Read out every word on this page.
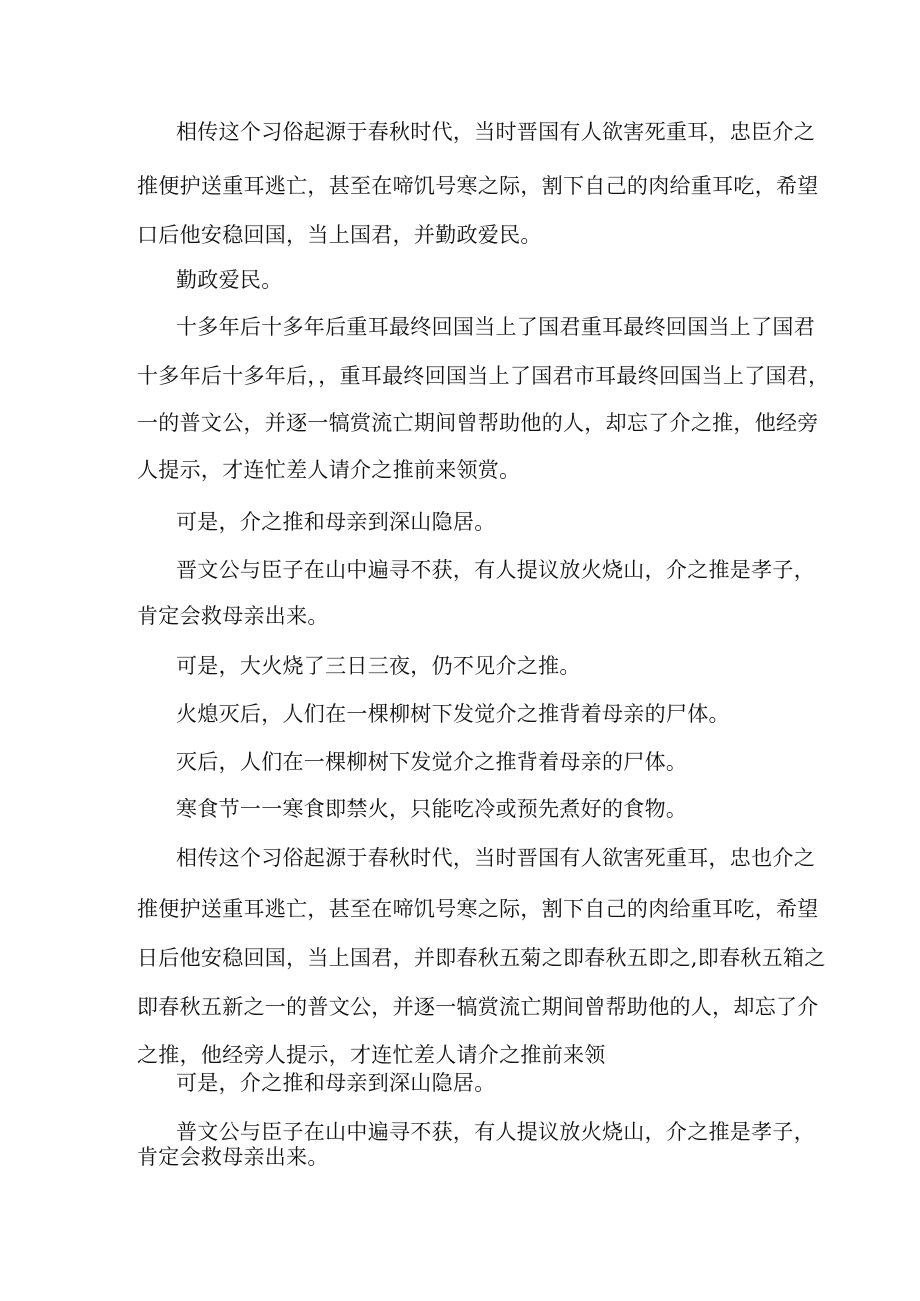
相传这个习俗起源于春秋时代，当时晋国有人欲害死重耳，忠臣介之
推便护送重耳逃亡，甚至在啼饥号寒之际，割下自己的肉给重耳吃，希望
口后他安稳回国，当上国君，并勤政爱民。
勤政爱民。
十多年后十多年后重耳最终回国当上了国君重耳最终回国当上了国君
十多年后十多年后，，重耳最终回国当上了国君市耳最终回国当上了国君，
一的普文公，并逐一犒赏流亡期间曾帮助他的人，却忘了介之推，他经旁
人提示，才连忙差人请介之推前来领赏。
可是，介之推和母亲到深山隐居。
晋文公与臣子在山中遍寻不获，有人提议放火烧山，介之推是孝子，
肯定会救母亲出来。
可是，大火烧了三日三夜，仍不见介之推。
火熄灭后，人们在一棵柳树下发觉介之推背着母亲的尸体。
灭后，人们在一棵柳树下发觉介之推背着母亲的尸体。
寒食节一一寒食即禁火，只能吃冷或预先煮好的食物。
相传这个习俗起源于春秋时代，当时晋国有人欲害死重耳，忠也介之
推便护送重耳逃亡，甚至在啼饥号寒之际，割下自己的肉给重耳吃，希望
日后他安稳回国，当上国君，并即春秋五菊之即春秋五即之,即春秋五箱之
即春秋五新之一的普文公，并逐一犒赏流亡期间曾帮助他的人，却忘了介
之推，他经旁人提示，才连忙差人请介之推前来领
可是，介之推和母亲到深山隐居。
普文公与臣子在山中遍寻不获，有人提议放火烧山，介之推是孝子，
肯定会救母亲出来。
